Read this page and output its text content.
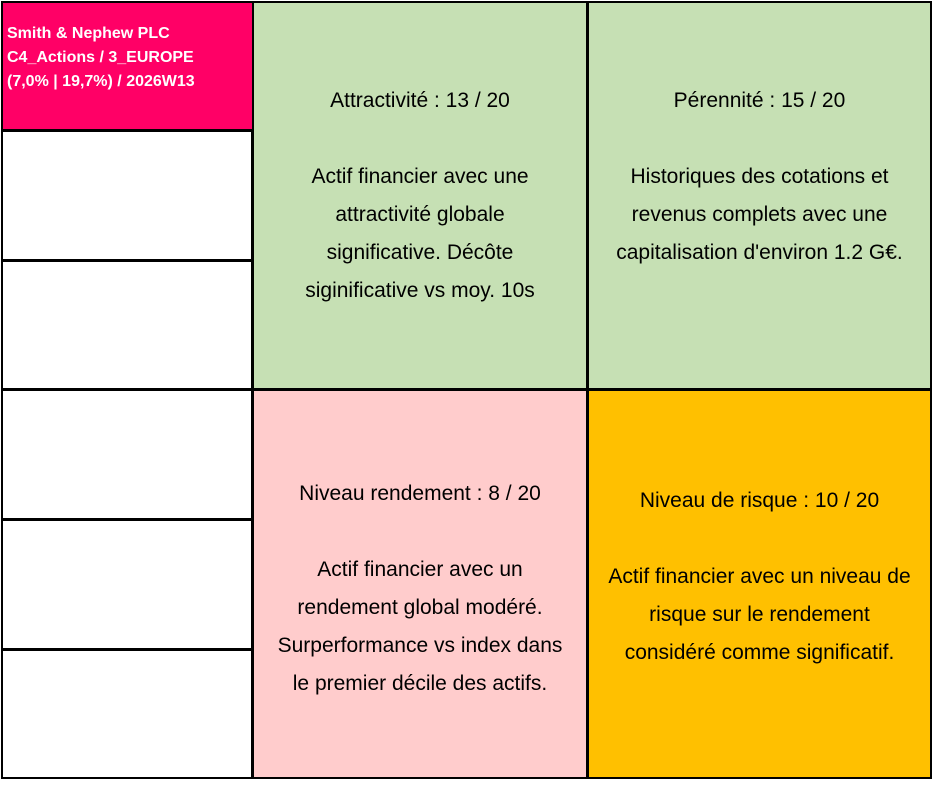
Smith & Nephew PLC
C4_Actions / 3_EUROPE
(7,0% | 19,7%) / 2026W13
Attractivité : 13 / 20
Actif financier avec une
attractivité globale
significative. Décôte
siginificative vs moy. 10s
Pérennité : 15 / 20
Historiques des cotations et
revenus complets avec une
capitalisation d'environ 1.2 G€.
Niveau rendement : 8 / 20
Actif financier avec un
rendement global modéré.
Surperformance vs index dans
le premier décile des actifs.
Niveau de risque : 10 / 20
Actif financier avec un niveau de
risque sur le rendement
considéré comme significatif.
